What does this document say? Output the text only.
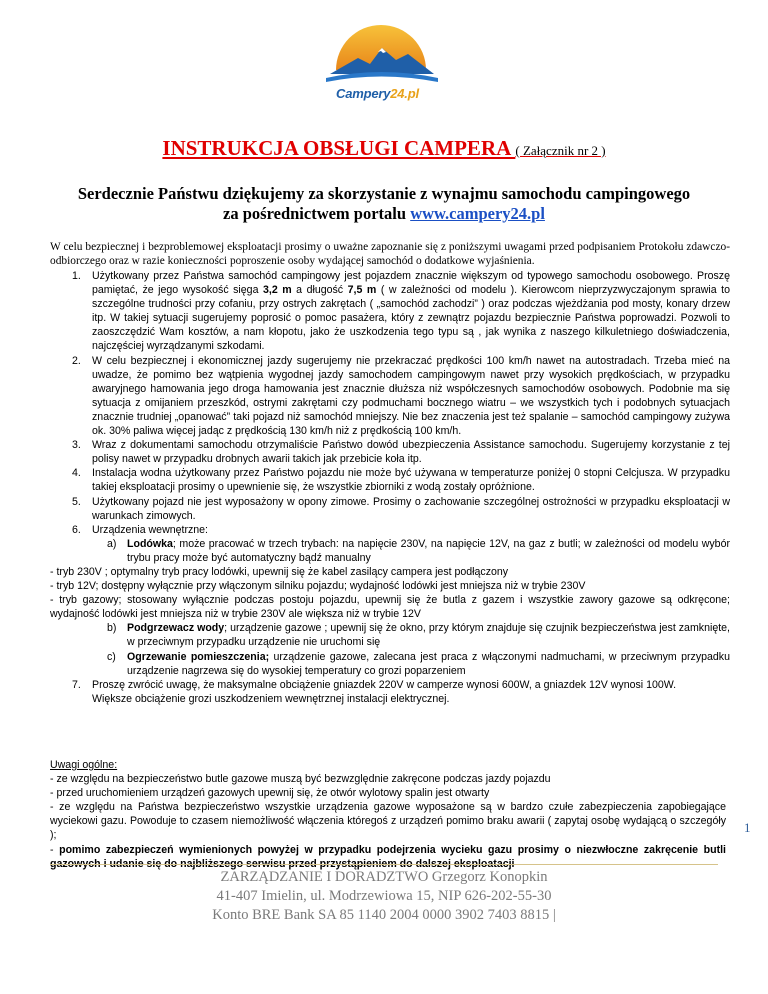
Campery24.pl
INSTRUKCJA OBSŁUGI CAMPERA ( Załącznik nr 2 )
Serdecznie Państwu dziękujemy za skorzystanie z wynajmu samochodu campingowego
za pośrednictwem portalu www.campery24.pl
W celu bezpiecznej i bezproblemowej eksploatacji prosimy o uważne zapoznanie się z poniższymi uwagami przed podpisaniem Protokołu zdawczo-odbiorczego oraz w razie konieczności poproszenie osoby wydającej samochód o dodatkowe wyjaśnienia.
1. Użytkowany przez Państwa samochód campingowy jest pojazdem znacznie większym od typowego samochodu osobowego. Proszę pamiętać, że jego wysokość sięga 3,2 m a długość 7,5 m ( w zależności od modelu ). Kierowcom nieprzyzwyczajonym sprawia to szczególne trudności przy cofaniu, przy ostrych zakrętach ( „samochód zachodzi” ) oraz podczas wjeżdżania pod mosty, konary drzew itp. W takiej sytuacji sugerujemy poprosić o pomoc pasażera, który z zewnątrz pojazdu bezpiecznie Państwa poprowadzi. Pozwoli to zaoszczędzić Wam kosztów, a nam kłopotu, jako że uszkodzenia tego typu są , jak wynika z naszego kilkuletniego doświadczenia, najczęściej wyrządzanymi szkodami.
2. W celu bezpiecznej i ekonomicznej jazdy sugerujemy nie przekraczać prędkości 100 km/h nawet na autostradach. Trzeba mieć na uwadze, że pomimo bez wątpienia wygodnej jazdy samochodem campingowym nawet przy wysokich prędkościach, w przypadku awaryjnego hamowania jego droga hamowania jest znacznie dłuższa niż współczesnych samochodów osobowych. Podobnie ma się sytuacja z omijaniem przeszkód, ostrymi zakrętami czy podmuchami bocznego wiatru – we wszystkich tych i podobnych sytuacjach znacznie trudniej „opanować” taki pojazd niż samochód mniejszy. Nie bez znaczenia jest też spalanie – samochód campingowy zużywa ok. 30% paliwa więcej jadąc z prędkością 130 km/h niż z prędkością 100 km/h.
3. Wraz z dokumentami samochodu otrzymaliście Państwo dowód ubezpieczenia Assistance samochodu. Sugerujemy korzystanie z tej polisy nawet w przypadku drobnych awarii takich jak przebicie koła itp.
4. Instalacja wodna użytkowany przez Państwo pojazdu nie może być używana w temperaturze poniżej 0 stopni Celcjusza. W przypadku takiej eksploatacji prosimy o upewnienie się, że wszystkie zbiorniki z wodą zostały opróżnione.
5. Użytkowany pojazd nie jest wyposażony w opony zimowe. Prosimy o zachowanie szczególnej ostrożności w przypadku eksploatacji w warunkach zimowych.
6. Urządzenia wewnętrzne:
a) Lodówka; może pracować w trzech trybach: na napięcie 230V, na napięcie 12V, na gaz z butli; w zależności od modelu wybór trybu pracy może być automatyczny bądź manualny
- tryb 230V ; optymalny tryb pracy lodówki, upewnij się że kabel zasilący campera jest podłączony
- tryb 12V; dostępny wyłącznie przy włączonym silniku pojazdu; wydajność lodówki jest mniejsza niż w trybie 230V
- tryb gazowy; stosowany wyłącznie podczas postoju pojazdu, upewnij się że butla z gazem i wszystkie zawory gazowe są odkręcone; wydajność lodówki jest mniejsza niż w trybie 230V ale większa niż w trybie 12V
b) Podgrzewacz wody; urządzenie gazowe ; upewnij się że okno, przy którym znajduje się czujnik bezpieczeństwa jest zamknięte, w przeciwnym przypadku urządzenie nie uruchomi się
c) Ogrzewanie pomieszczenia; urządzenie gazowe, zalecana jest praca z włączonymi nadmuchami, w przeciwnym przypadku urządzenie nagrzewa się do wysokiej temperatury co grozi poparzeniem
7. Proszę zwrócić uwagę, że maksymalne obciążenie gniazdek 220V w camperze wynosi 600W, a gniazdek 12V wynosi 100W.
Większe obciążenie grozi uszkodzeniem wewnętrznej instalacji elektrycznej.
Uwagi ogólne:
- ze względu na bezpieczeństwo butle gazowe muszą być bezwzględnie zakręcone podczas jazdy pojazdu
- przed uruchomieniem urządzeń gazowych upewnij się, że otwór wylotowy spalin jest otwarty
- ze względu na Państwa bezpieczeństwo wszystkie urządzenia gazowe wyposażone są w bardzo czułe zabezpieczenia zapobiegające wyciekowi gazu. Powoduje to czasem niemożliwość włączenia któregoś z urządzeń pomimo braku awarii ( zapytaj osobę wydającą o szczegóły );
- pomimo zabezpieczeń wymienionych powyżej w przypadku podejrzenia wycieku gazu prosimy o niezwłoczne zakręcenie butli gazowych i udanie się do najbliższego serwisu przed przystąpieniem do dalszej eksploatacji
1
ZARZĄDZANIE I DORADZTWO Grzegorz Konopkin
41-407 Imielin, ul. Modrzewiowa 15, NIP 626-202-55-30
Konto BRE Bank SA 85 1140 2004 0000 3902 7403 8815 |
